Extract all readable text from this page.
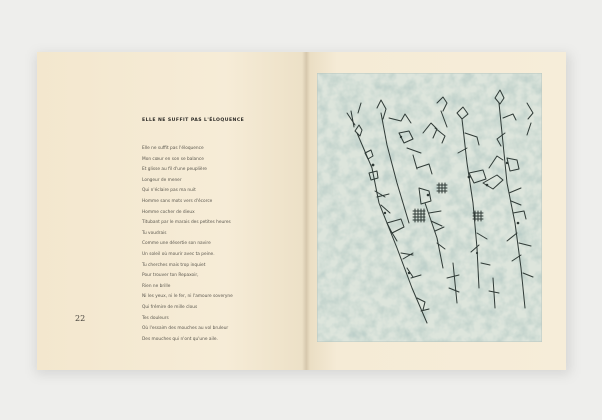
ELLE NE SUFFIT PAS L'ÉLOQUENCE
Elle ne suffit pas l'éloquence
Mon cœur en son se balance
Et glisse au fil d'une peuplière
Longeur de mener
Qui n'éclaire pas ma nuit
Homme sans mots vers d'écorce
Homme cocher de dieux
Titubant par le marais des petites heures
Tu voudrais
Comme une désertie son navire
Un soleil où mourir avec ta peine.
Tu cherches mais trop inquiet
Pour trouver ton Repaxoir,
Rien ne brille
Ni les yeux, ni le fer, ni l'amoure soveryne
Qui frémire de mille clous
Tes douleurs
Où l'essaim des mouches au vol bruleur
Des mouches qui n'ont qu'une aile.
22
